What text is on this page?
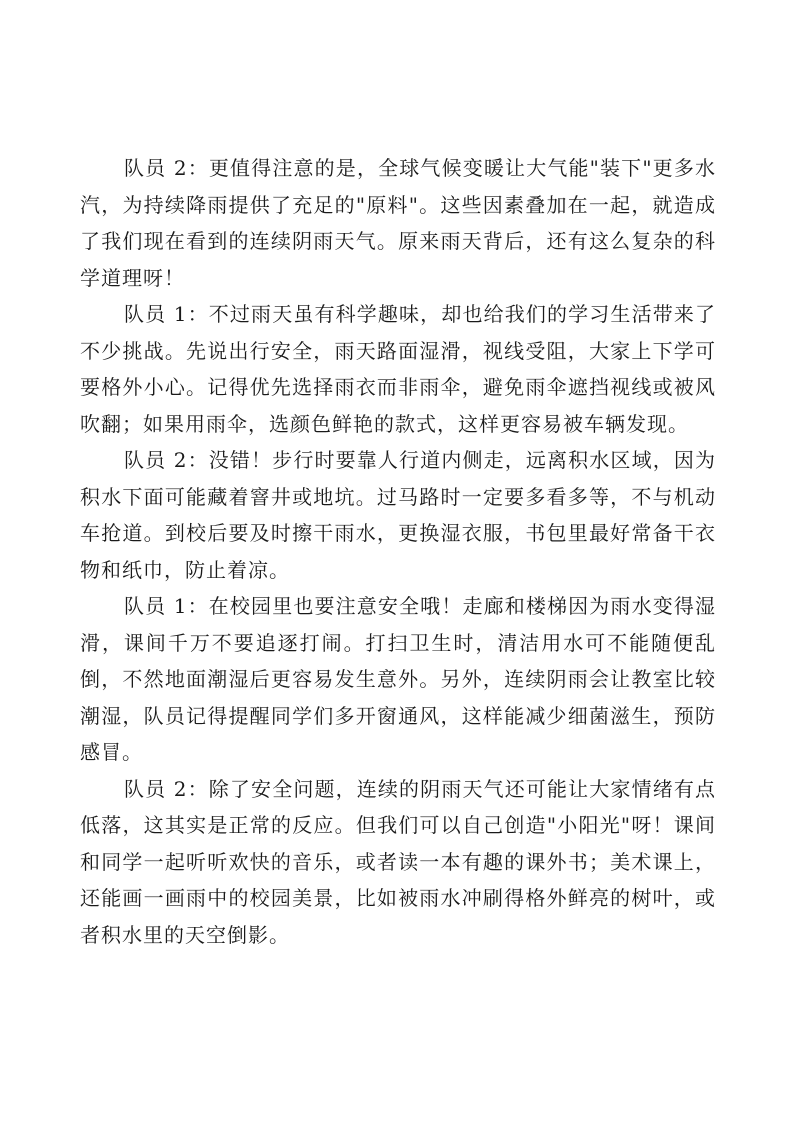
队员 2：更值得注意的是，全球气候变暖让大气能"装下"更多水汽，为持续降雨提供了充足的"原料"。这些因素叠加在一起，就造成了我们现在看到的连续阴雨天气。原来雨天背后，还有这么复杂的科学道理呀！

队员 1：不过雨天虽有科学趣味，却也给我们的学习生活带来了不少挑战。先说出行安全，雨天路面湿滑，视线受阻，大家上下学可要格外小心。记得优先选择雨衣而非雨伞，避免雨伞遮挡视线或被风吹翻；如果用雨伞，选颜色鲜艳的款式，这样更容易被车辆发现。

队员 2：没错！步行时要靠人行道内侧走，远离积水区域，因为积水下面可能藏着窨井或地坑。过马路时一定要多看多等，不与机动车抢道。到校后要及时擦干雨水，更换湿衣服，书包里最好常备干衣物和纸巾，防止着凉。

队员 1：在校园里也要注意安全哦！走廊和楼梯因为雨水变得湿滑，课间千万不要追逐打闹。打扫卫生时，清洁用水可不能随便乱倒，不然地面潮湿后更容易发生意外。另外，连续阴雨会让教室比较潮湿，队员记得提醒同学们多开窗通风，这样能减少细菌滋生，预防感冒。

队员 2：除了安全问题，连续的阴雨天气还可能让大家情绪有点低落，这其实是正常的反应。但我们可以自己创造"小阳光"呀！课间和同学一起听听欢快的音乐，或者读一本有趣的课外书；美术课上，还能画一画雨中的校园美景，比如被雨水冲刷得格外鲜亮的树叶，或者积水里的天空倒影。
